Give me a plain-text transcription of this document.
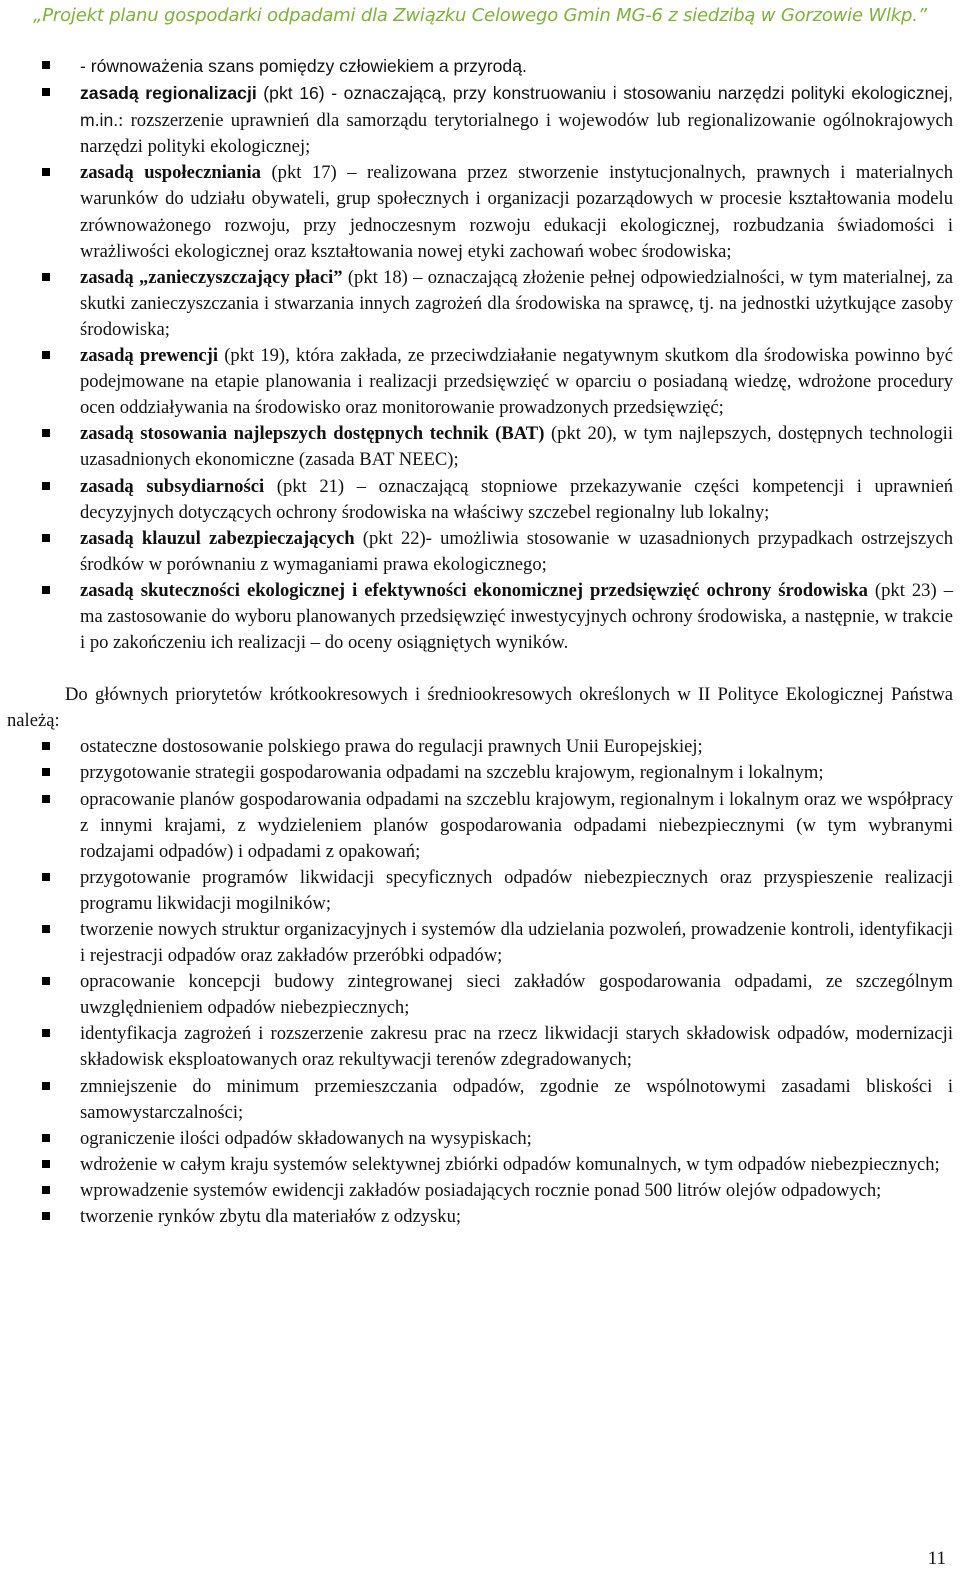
„Projekt planu gospodarki odpadami dla Związku Celowego Gmin MG-6 z siedzibą w Gorzowie Wlkp.”
- równoważenia szans pomiędzy człowiekiem a przyrodą.
zasadą regionalizacji (pkt 16) - oznaczającą, przy konstruowaniu i stosowaniu narzędzi polityki ekologicznej, m.in.: rozszerzenie uprawnień dla samorządu terytorialnego i wojewodów lub regionalizowanie ogólnokrajowych narzędzi polityki ekologicznej;
zasadą uspołeczniania (pkt 17) – realizowana przez stworzenie instytucjonalnych, prawnych i materialnych warunków do udziału obywateli, grup społecznych i organizacji pozarządowych w procesie kształtowania modelu zrównoważonego rozwoju, przy jednoczesnym rozwoju edukacji ekologicznej, rozbudzania świadomości i wrażliwości ekologicznej oraz kształtowania nowej etyki zachowań wobec środowiska;
zasadą „zanieczyszczający płaci” (pkt 18) – oznaczającą złożenie pełnej odpowiedzialności, w tym materialnej, za skutki zanieczyszczania i stwarzania innych zagrożeń dla środowiska na sprawcę, tj. na jednostki użytkujące zasoby środowiska;
zasadą prewencji (pkt 19), która zakłada, ze przeciwdziałanie negatywnym skutkom dla środowiska powinno być podejmowane na etapie planowania i realizacji przedsięwzięć w oparciu o posiadaną wiedzę, wdrożone procedury ocen oddziaływania na środowisko oraz monitorowanie prowadzonych przedsięwzięć;
zasadą stosowania najlepszych dostępnych technik (BAT) (pkt 20), w tym najlepszych, dostępnych technologii uzasadnionych ekonomiczne (zasada BAT NEEC);
zasadą subsydiarności (pkt 21) – oznaczającą stopniowe przekazywanie części kompetencji i uprawnień decyzyjnych dotyczących ochrony środowiska na właściwy szczebel regionalny lub lokalny;
zasadą klauzul zabezpieczających (pkt 22)- umożliwia stosowanie w uzasadnionych przypadkach ostrzejszych środków w porównaniu z wymaganiami prawa ekologicznego;
zasadą skuteczności ekologicznej i efektywności ekonomicznej przedsięwzięć ochrony środowiska (pkt 23) – ma zastosowanie do wyboru planowanych przedsięwzięć inwestycyjnych ochrony środowiska, a następnie, w trakcie i po zakończeniu ich realizacji – do oceny osiągniętych wyników.
Do głównych priorytetów krótkookresowych i średniookresowych określonych w II Polityce Ekologicznej Państwa należą:
ostateczne dostosowanie polskiego prawa do regulacji prawnych Unii Europejskiej;
przygotowanie strategii gospodarowania odpadami na szczeblu krajowym, regionalnym i lokalnym;
opracowanie planów gospodarowania odpadami na szczeblu krajowym, regionalnym i lokalnym oraz we współpracy z innymi krajami, z wydzieleniem planów gospodarowania odpadami niebezpiecznymi (w tym wybranymi rodzajami odpadów) i odpadami z opakowań;
przygotowanie programów likwidacji specyficznych odpadów niebezpiecznych oraz przyspieszenie realizacji programu likwidacji mogilników;
tworzenie nowych struktur organizacyjnych i systemów dla udzielania pozwoleń, prowadzenie kontroli, identyfikacji i rejestracji odpadów oraz zakładów przeróbki odpadów;
opracowanie koncepcji budowy zintegrowanej sieci zakładów gospodarowania odpadami, ze szczególnym uwzględnieniem odpadów niebezpiecznych;
identyfikacja zagrożeń i rozszerzenie zakresu prac na rzecz likwidacji starych składowisk odpadów, modernizacji składowisk eksploatowanych oraz rekultywacji terenów zdegradowanych;
zmniejszenie do minimum przemieszczania odpadów, zgodnie ze wspólnotowymi zasadami bliskości i samowystarczalności;
ograniczenie ilości odpadów składowanych na wysypiskach;
wdrożenie w całym kraju systemów selektywnej zbiórki odpadów komunalnych, w tym odpadów niebezpiecznych;
wprowadzenie systemów ewidencji zakładów posiadających rocznie ponad 500 litrów olejów odpadowych;
tworzenie rynków zbytu dla materiałów z odzysku;
11
